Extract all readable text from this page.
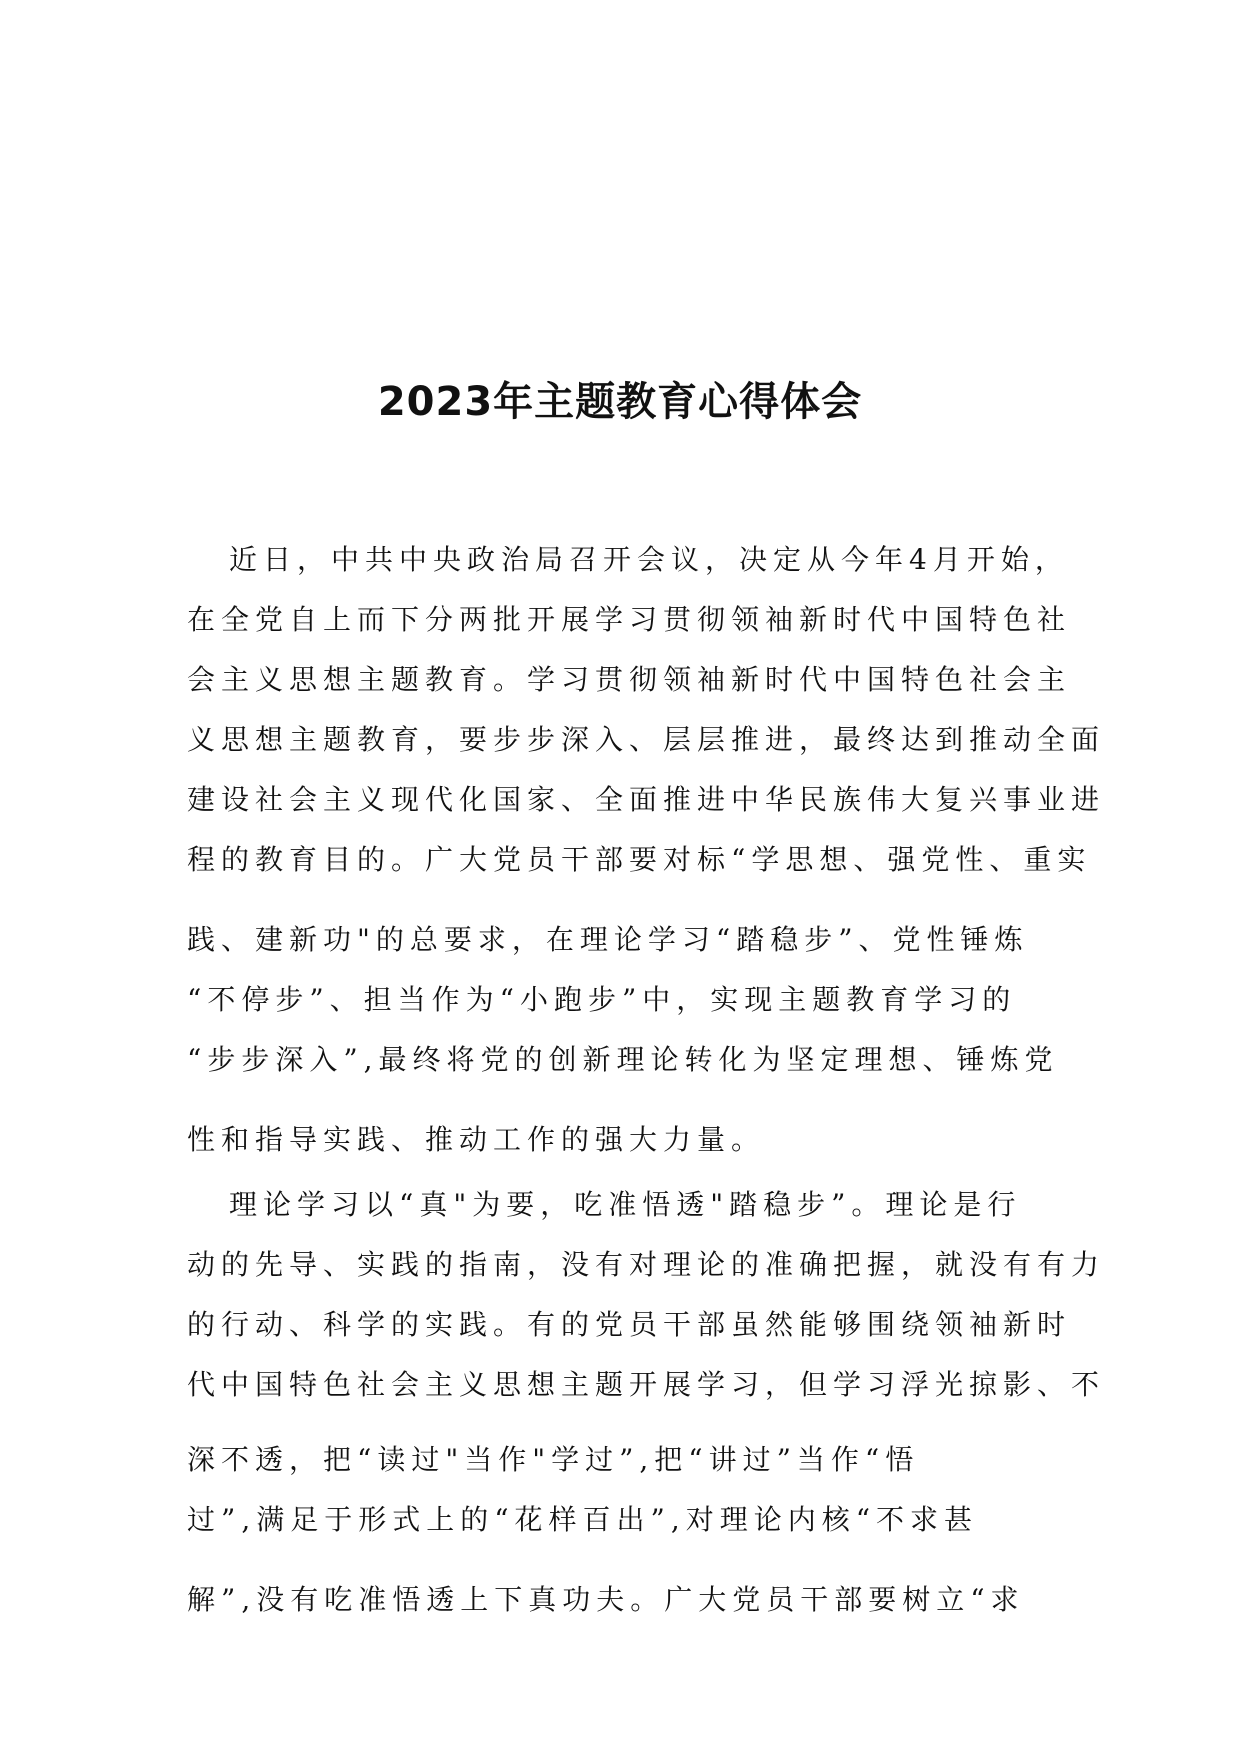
2023年主题教育心得体会
近日，中共中央政治局召开会议，决定从今年4月开始，
在全党自上而下分两批开展学习贯彻领袖新时代中国特色社
会主义思想主题教育。学习贯彻领袖新时代中国特色社会主
义思想主题教育，要步步深入、层层推进，最终达到推动全面
建设社会主义现代化国家、全面推进中华民族伟大复兴事业进
程的教育目的。广大党员干部要对标“学思想、强党性、重实
践、建新功"的总要求，在理论学习“踏稳步”、党性锤炼
“不停步”、担当作为“小跑步”中，实现主题教育学习的
“步步深入”,最终将党的创新理论转化为坚定理想、锤炼党
性和指导实践、推动工作的强大力量。
理论学习以“真"为要，吃准悟透"踏稳步”。理论是行
动的先导、实践的指南，没有对理论的准确把握，就没有有力
的行动、科学的实践。有的党员干部虽然能够围绕领袖新时
代中国特色社会主义思想主题开展学习，但学习浮光掠影、不
深不透，把“读过"当作"学过”,把“讲过”当作“悟
过”,满足于形式上的“花样百出”,对理论内核“不求甚
解”,没有吃准悟透上下真功夫。广大党员干部要树立“求
